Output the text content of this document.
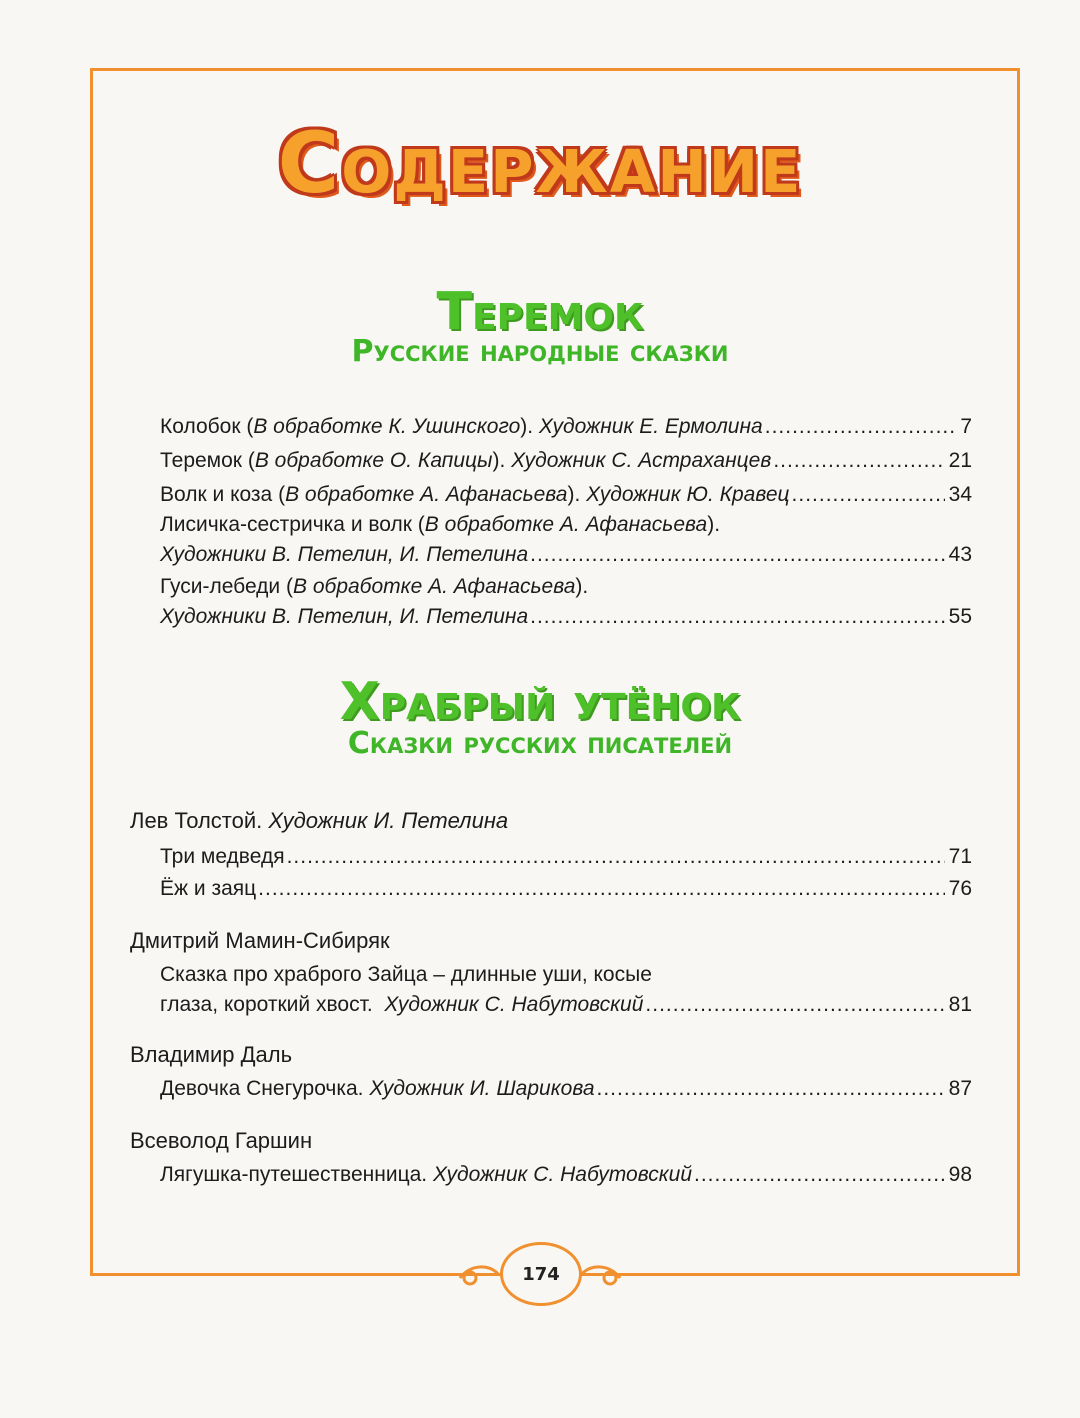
174
Содержание
Теремок
Русские народные сказки
Колобок ( В обработке К. Ушинского ).
Художник Е. Ермолина .....	7
Теремок ( В обработке О. Капицы ).
Художник С. Астраханцев .....	21
Волк и коза ( В обработке А. Афанасьева ).
Художник Ю. Кравец .....	34
Лисичка-сестричка и волк ( В обработке А. Афанасьева ).
Художники В. Петелин, И. Петелина .....	43
Гуси-лебеди ( В обработке А. Афанасьева ).
Художники В. Петелин, И. Петелина .....	55
Храбрый утёнок
Сказки русских писателей
Лев Толстой. Художник И. Петелина
Три медведя .....	71
Ёж и заяц .....	76
Дмитрий Мамин-Сибиряк
Сказка про храброго Зайца – длинные уши, косые
глаза, короткий хвост.
Художник С. Набутовский .....	81
Владимир Даль
Девочка Снегурочка.
Художник И. Шарикова .....	87
Всеволод Гаршин
Лягушка-путешественница.
Художник С. Набутовский .....	98
